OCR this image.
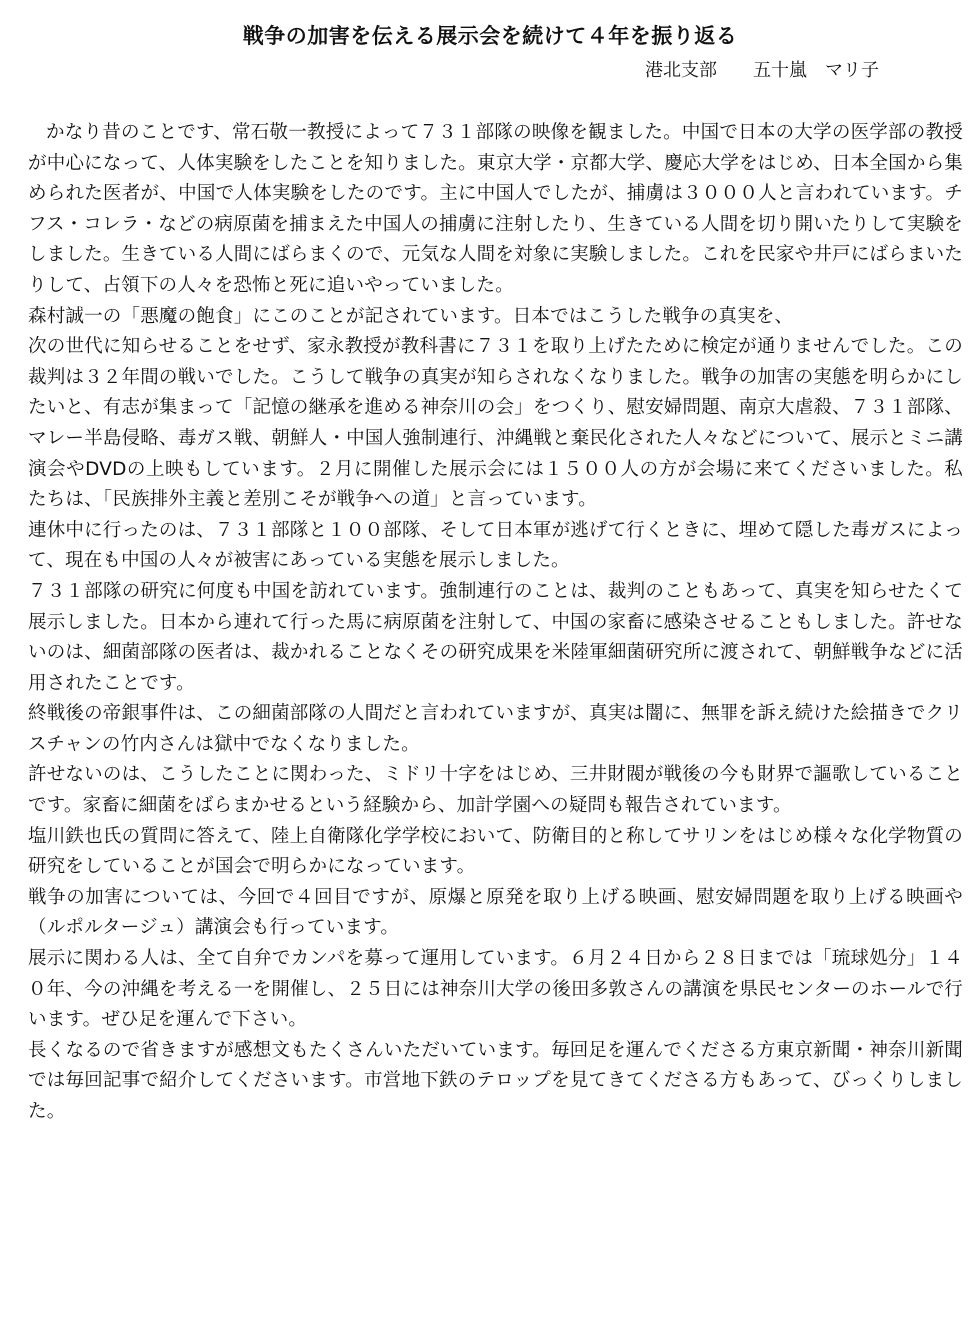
戦争の加害を伝える展示会を続けて４年を振り返る
港北支部　　五十嵐　マリ子

かなり昔のことです、常石敬一教授によって７３１部隊の映像を観ました。中国で日本の大学の医学部の教授が中心になって、人体実験をしたことを知りました。東京大学・京都大学、慶応大学をはじめ、日本全国から集められた医者が、中国で人体実験をしたのです。主に中国人でしたが、捕虜は３０００人と言われています。チフス・コレラ・などの病原菌を捕まえた中国人の捕虜に注射したり、生きている人間を切り開いたりして実験をしました。生きている人間にばらまくので、元気な人間を対象に実験しました。これを民家や井戸にばらまいたりして、占領下の人々を恐怖と死に追いやっていました。

森村誠一の「悪魔の飽食」にこのことが記されています。日本ではこうした戦争の真実を、

次の世代に知らせることをせず、家永教授が教科書に７３１を取り上げたために検定が通りませんでした。この裁判は３２年間の戦いでした。こうして戦争の真実が知らされなくなりました。戦争の加害の実態を明らかにしたいと、有志が集まって「記憶の継承を進める神奈川の会」をつくり、慰安婦問題、南京大虐殺、７３１部隊、マレー半島侵略、毒ガス戦、朝鮮人・中国人強制連行、沖縄戦と棄民化された人々などについて、展示とミニ講演会やDVDの上映もしています。２月に開催した展示会には１５００人の方が会場に来てくださいました。私たちは、「民族排外主義と差別こそが戦争への道」と言っています。

連休中に行ったのは、７３１部隊と１００部隊、そして日本軍が逃げて行くときに、埋めて隠した毒ガスによって、現在も中国の人々が被害にあっている実態を展示しました。

７３１部隊の研究に何度も中国を訪れています。強制連行のことは、裁判のこともあって、真実を知らせたくて展示しました。日本から連れて行った馬に病原菌を注射して、中国の家畜に感染させることもしました。許せないのは、細菌部隊の医者は、裁かれることなくその研究成果を米陸軍細菌研究所に渡されて、朝鮮戦争などに活用されたことです。

終戦後の帝銀事件は、この細菌部隊の人間だと言われていますが、真実は闇に、無罪を訴え続けた絵描きでクリスチャンの竹内さんは獄中でなくなりました。

許せないのは、こうしたことに関わった、ミドリ十字をはじめ、三井財閥が戦後の今も財界で謳歌していることです。家畜に細菌をばらまかせるという経験から、加計学園への疑問も報告されています。

塩川鉄也氏の質問に答えて、陸上自衛隊化学学校において、防衛目的と称してサリンをはじめ様々な化学物質の研究をしていることが国会で明らかになっています。

戦争の加害については、今回で４回目ですが、原爆と原発を取り上げる映画、慰安婦問題を取り上げる映画や（ルポルタージュ）講演会も行っています。

展示に関わる人は、全て自弁でカンパを募って運用しています。６月２４日から２８日までは「琉球処分」１４０年、今の沖縄を考える一を開催し、２５日には神奈川大学の後田多敦さんの講演を県民センターのホールで行います。ぜひ足を運んで下さい。

長くなるので省きますが感想文もたくさんいただいています。毎回足を運んでくださる方東京新聞・神奈川新聞では毎回記事で紹介してくださいます。市営地下鉄のテロップを見てきてくださる方もあって、びっくりしました。
